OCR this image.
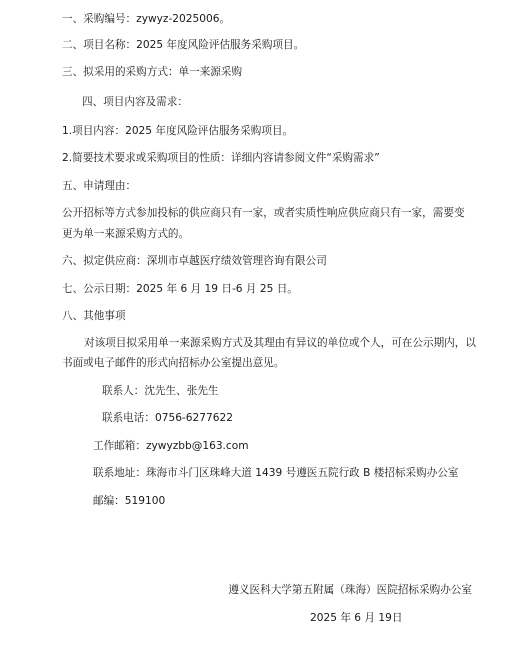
一、采购编号：zywyz-2025006。
二、项目名称：2025 年度风险评估服务采购项目。
三、拟采用的采购方式：单一来源采购
四、项目内容及需求：
1.项目内容：2025 年度风险评估服务采购项目。
2.简要技术要求或采购项目的性质：详细内容请参阅文件“采购需求”
五、申请理由：
公开招标等方式参加投标的供应商只有一家，或者实质性响应供应商只有一家，需要变
更为单一来源采购方式的。
六、拟定供应商：深圳市卓越医疗绩效管理咨询有限公司
七、公示日期：2025 年 6 月 19 日-6 月 25 日。
八、其他事项
对该项目拟采用单一来源采购方式及其理由有异议的单位或个人，可在公示期内，以
书面或电子邮件的形式向招标办公室提出意见。
联系人：沈先生、张先生
联系电话：0756-6277622
工作邮箱：zywyzbb@163.com
联系地址：珠海市斗门区珠峰大道 1439 号遵医五院行政 B 楼招标采购办公室
邮编：519100
遵义医科大学第五附属（珠海）医院招标采购办公室
2025 年 6 月 19日
